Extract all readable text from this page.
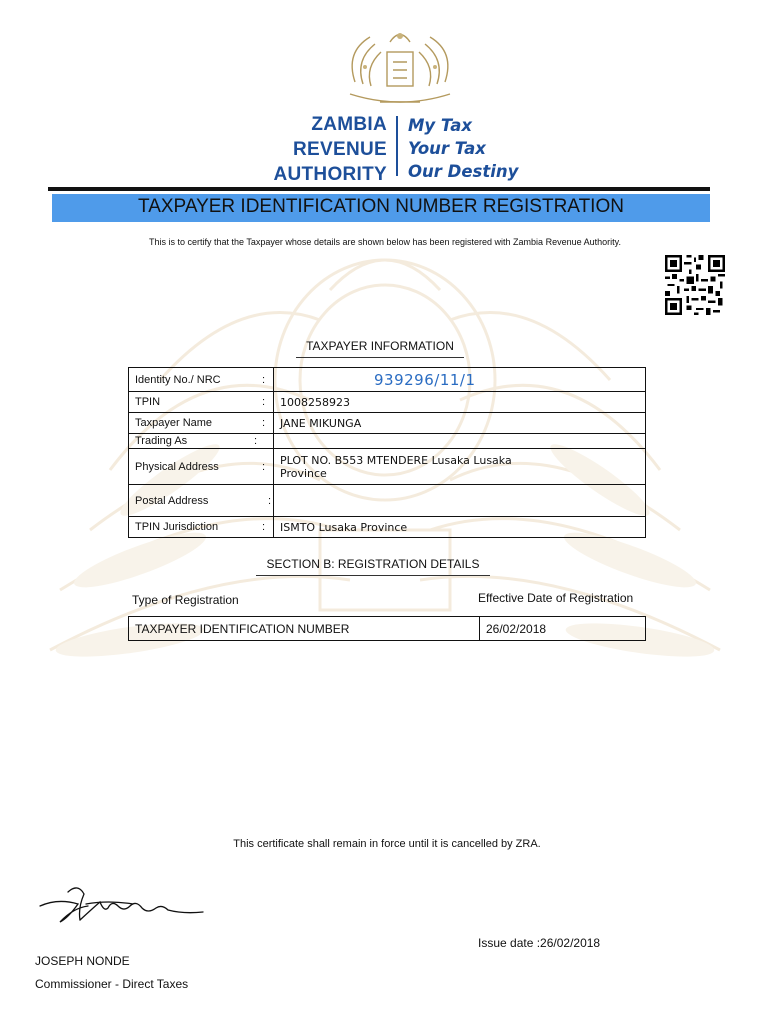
ZAMBIA
REVENUE
AUTHORITY
My Tax
Your Tax
Our Destiny
TAXPAYER IDENTIFICATION NUMBER REGISTRATION
This is to certify that the Taxpayer whose details are shown below has been registered with Zambia Revenue Authority.
TAXPAYER INFORMATION
Identity No./ NRC :	939296/11/1
TPIN :	1008258923
Taxpayer Name :	JANE MIKUNGA
Trading As :	

Physical Address :	PLOT NO. B553 MTENDERE Lusaka Lusaka Province
Postal Address :	

TPIN Jurisdiction :	ISMTO Lusaka Province
SECTION B: REGISTRATION DETAILS
Type of Registration	Effective Date of Registration
TAXPAYER IDENTIFICATION NUMBER	26/02/2018
This certificate shall remain in force until it is cancelled by ZRA.
Issue date :26/02/2018
JOSEPH NONDE
Commissioner - Direct Taxes
